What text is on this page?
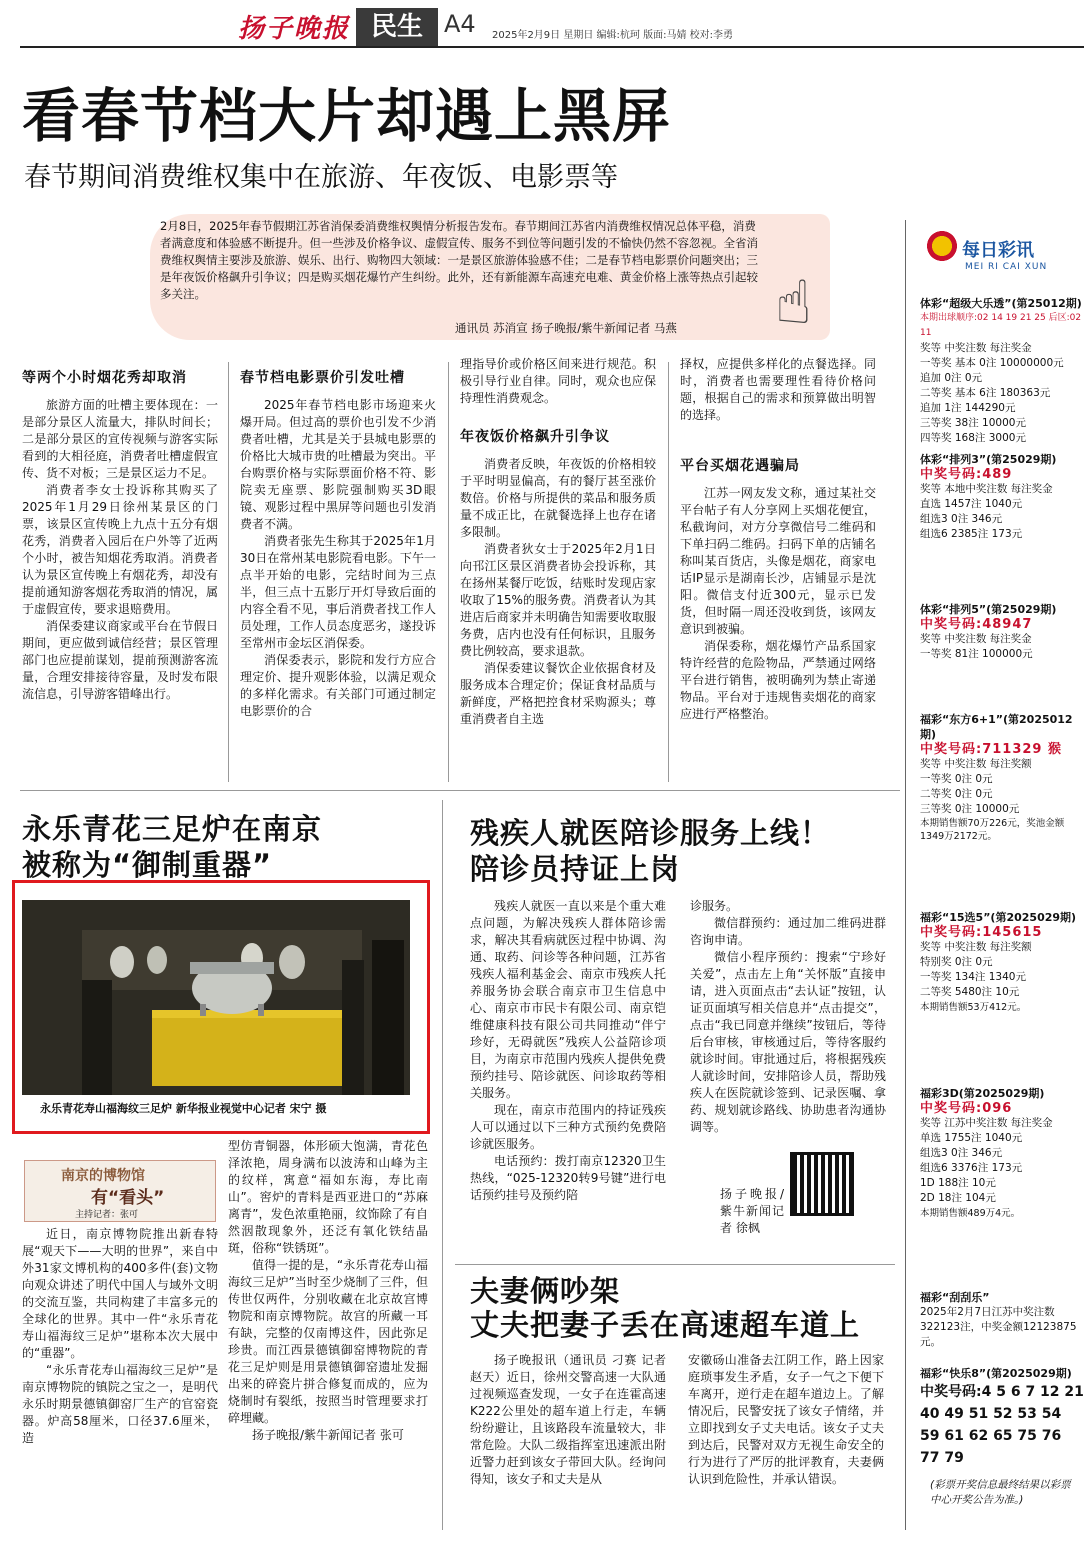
扬子晚报 民生 A4 2025年2月9日 星期日 编辑:杭珂 版面:马婧 校对:李勇
看春节档大片却遇上黑屏
春节期间消费维权集中在旅游、年夜饭、电影票等

2月8日，2025年春节假期江苏省消保委消费维权舆情分析报告发布。春节期间江苏省内消费维权情况总体平稳，消费者满意度和体验感不断提升。但一些涉及价格争议、虚假宣传、服务不到位等问题引发的不愉快仍然不容忽视。全省消费维权舆情主要涉及旅游、娱乐、出行、购物四大领域：一是景区旅游体验感不佳；二是春节档电影票价问题突出；三是年夜饭价格飙升引争议；四是购买烟花爆竹产生纠纷。此外，还有新能源车高速充电难、黄金价格上涨等热点引起较多关注。

通讯员 苏消宣 扬子晚报/紫牛新闻记者 马燕 ☝
等两个小时烟花秀却取消

旅游方面的吐槽主要体现在：一是部分景区人流量大，排队时间长；二是部分景区的宣传视频与游客实际看到的大相径庭，消费者吐槽虚假宣传、货不对板；三是景区运力不足。

消费者李女士投诉称其购买了2025年1月29日徐州某景区的门票，该景区宣传晚上九点十五分有烟花秀，消费者入园后在户外等了近两个小时，被告知烟花秀取消。消费者认为景区宣传晚上有烟花秀，却没有提前通知游客烟花秀取消的情况，属于虚假宣传，要求退赔费用。

消保委建议商家或平台在节假日期间，更应做到诚信经营；景区管理部门也应提前谋划，提前预测游客流量，合理安排接待容量，及时发布限流信息，引导游客错峰出行。

春节档电影票价引发吐槽

2025年春节档电影市场迎来火爆开局。但过高的票价也引发不少消费者吐槽，尤其是关于县城电影票的价格比大城市贵的吐槽最为突出。平台购票价格与实际票面价格不符、影院卖无座票、影院强制购买3D眼镜、观影过程中黑屏等问题也引发消费者不满。

消费者张先生称其于2025年1月30日在常州某电影院看电影。下午一点半开始的电影，完结时间为三点半，但三点十五影厅开灯导致后面的内容全看不见，事后消费者找工作人员处理，工作人员态度恶劣，遂投诉至常州市金坛区消保委。

消保委表示，影院和发行方应合理定价、提升观影体验，以满足观众的多样化需求。有关部门可通过制定电影票价的合

理指导价或价格区间来进行规范。积极引导行业自律。同时，观众也应保持理性消费观念。

年夜饭价格飙升引争议

消费者反映，年夜饭的价格相较于平时明显偏高，有的餐厅甚至涨价数倍。价格与所提供的菜品和服务质量不成正比，在就餐选择上也存在诸多限制。

消费者狄女士于2025年2月1日向邗江区景区消费者协会投诉称，其在扬州某餐厅吃饭，结账时发现店家收取了15%的服务费。消费者认为其进店后商家并未明确告知需要收取服务费，店内也没有任何标识，且服务费比例较高，要求退款。

消保委建议餐饮企业依据食材及服务成本合理定价；保证食材品质与新鲜度，严格把控食材采购源头；尊重消费者自主选

择权，应提供多样化的点餐选择。同时，消费者也需要理性看待价格问题，根据自己的需求和预算做出明智的选择。

平台买烟花遇骗局

江苏一网友发文称，通过某社交平台帖子有人分享网上买烟花便宜，私截询问，对方分享微信号二维码和下单扫码二维码。扫码下单的店铺名称叫某百货店，头像是烟花，商家电话IP显示是湖南长沙，店铺显示是沈阳。微信支付近300元，显示已发货，但时隔一周还没收到货，该网友意识到被骗。

消保委称，烟花爆竹产品系国家特许经营的危险物品，严禁通过网络平台进行销售，被明确列为禁止寄递物品。平台对于违规售卖烟花的商家应进行严格整治。

永乐青花三足炉在南京
被称为“御制重器”
永乐青花寿山福海纹三足炉 新华报业视觉中心记者 宋宁 摄
南京的博物馆
有“看头”
主持记者：张可

近日，南京博物院推出新春特展“观天下——大明的世界”，来自中外31家文博机构的400多件(套)文物向观众讲述了明代中国人与域外文明的交流互鉴，共同构建了丰富多元的全球化的世界。其中一件“永乐青花寿山福海纹三足炉”堪称本次大展中的“重器”。

“永乐青花寿山福海纹三足炉”是南京博物院的镇院之宝之一，是明代永乐时期景德镇御窑厂生产的官窑瓷器。炉高58厘米，口径37.6厘米，造

型仿青铜器，体形硕大饱满，青花色泽浓艳，周身满布以波涛和山峰为主的纹样，寓意“福如东海，寿比南山”。窖炉的青料是西亚进口的“苏麻离青”，发色浓重艳丽，纹饰除了有自然洇散现象外，还泛有氧化铁结晶斑，俗称“铁锈斑”。

值得一提的是，“永乐青花寿山福海纹三足炉”当时至少烧制了三件，但传世仅两件，分别收藏在北京故宫博物院和南京博物院。故宫的所藏一耳有缺，完整的仅南博这件，因此弥足珍贵。而江西景德镇御窑博物院的青花三足炉则是用景德镇御窑遗址发掘出来的碎瓷片拼合修复而成的，应为烧制时有裂纸，按照当时管理要求打碎埋藏。

扬子晚报/紫牛新闻记者 张可

残疾人就医陪诊服务上线！
陪诊员持证上岗

残疾人就医一直以来是个重大难点问题，为解决残疾人群体陪诊需求，解决其看病就医过程中协调、沟通、取药、问诊等各种问题，江苏省残疾人福利基金会、南京市残疾人托养服务协会联合南京市卫生信息中心、南京市市民卡有限公司、南京铠维健康科技有限公司共同推动“伴宁珍好，无碍就医”残疾人公益陪诊项目，为南京市范围内残疾人提供免费预约挂号、陪诊就医、问诊取药等相关服务。

现在，南京市范围内的持证残疾人可以通过以下三种方式预约免费陪诊就医服务。

电话预约：拨打南京12320卫生热线，“025-12320转9号键”进行电话预约挂号及预约陪

诊服务。

微信群预约：通过加二维码进群咨询申请。

微信小程序预约：搜索“宁珍好关爱”，点击左上角“关怀版”直接申请，进入页面点击“去认证”按钮，认证页面填写相关信息并“点击提交”，点击“我已同意并继续”按钮后，等待后台审核，审核通过后，等待客服约就诊时间。审批通过后，将根据残疾人就诊时间，安排陪诊人员，帮助残疾人在医院就诊签到、记录医嘱、拿药、规划就诊路线、协助患者沟通协调等。

扬子晚报/紫牛新闻记者 徐枫

夫妻俩吵架
丈夫把妻子丢在高速超车道上

扬子晚报讯（通讯员 刁赛 记者 赵天）近日，徐州交警高速一大队通过视频巡查发现，一女子在连霍高速K222公里处的超车道上行走，车辆纷纷避让，且该路段车流量较大，非常危险。大队二级指挥室迅速派出附近警力赶到该女子带回大队。经询问得知，该女子和丈夫是从

安徽砀山准备去江阴工作，路上因家庭琐事发生矛盾，女子一气之下便下车离开，逆行走在超车道边上。了解情况后，民警安抚了该女子情绪，并立即找到女子丈夫电话。该女子丈夫到达后，民警对双方无视生命安全的行为进行了严厉的批评教育，夫妻俩认识到危险性，并承认错误。

每日彩讯
MEI RI CAI XUN
体彩“超级大乐透”(第25012期)
本期出球顺序:02 14 19 21 25 后区:02 11
奖等 中奖注数 每注奖金
一等奖 基本 0注 10000000元
追加 0注 0元
二等奖 基本 6注 180363元
追加 1注 144290元
三等奖 38注 10000元
四等奖 168注 3000元
体彩“排列3”(第25029期)
中奖号码:489
奖等 本地中奖注数 每注奖金
直选 1457注 1040元
组选3 0注 346元
组选6 2385注 173元
体彩“排列5”(第25029期)
中奖号码:48947
奖等 中奖注数 每注奖金
一等奖 81注 100000元
福彩“东方6+1”(第2025012期)
中奖号码:711329 猴
奖等 中奖注数 每注奖额
一等奖 0注 0元
二等奖 0注 0元
三等奖 0注 10000元
本期销售额70万226元，奖池金额1349万2172元。
福彩“15选5”(第2025029期)
中奖号码:145615
奖等 中奖注数 每注奖额
特别奖 0注 0元
一等奖 134注 1340元
二等奖 5480注 10元
本期销售额53万412元。
福彩3D(第2025029期)
中奖号码:096
奖等 江苏中奖注数 每注奖金
单选 1755注 1040元
组选3 0注 346元
组选6 3376注 173元
1D 188注 10元
2D 18注 104元
本期销售额489万4元。
福彩“刮刮乐”
2025年2月7日江苏中奖注数322123注，中奖金额12123875元。
福彩“快乐8”(第2025029期)
中奖号码:4 5 6 7 12 21 40 49 51 52 53 54 59 61 62 65 75 76 77 79
(彩票开奖信息最终结果以彩票中心开奖公告为准。)
